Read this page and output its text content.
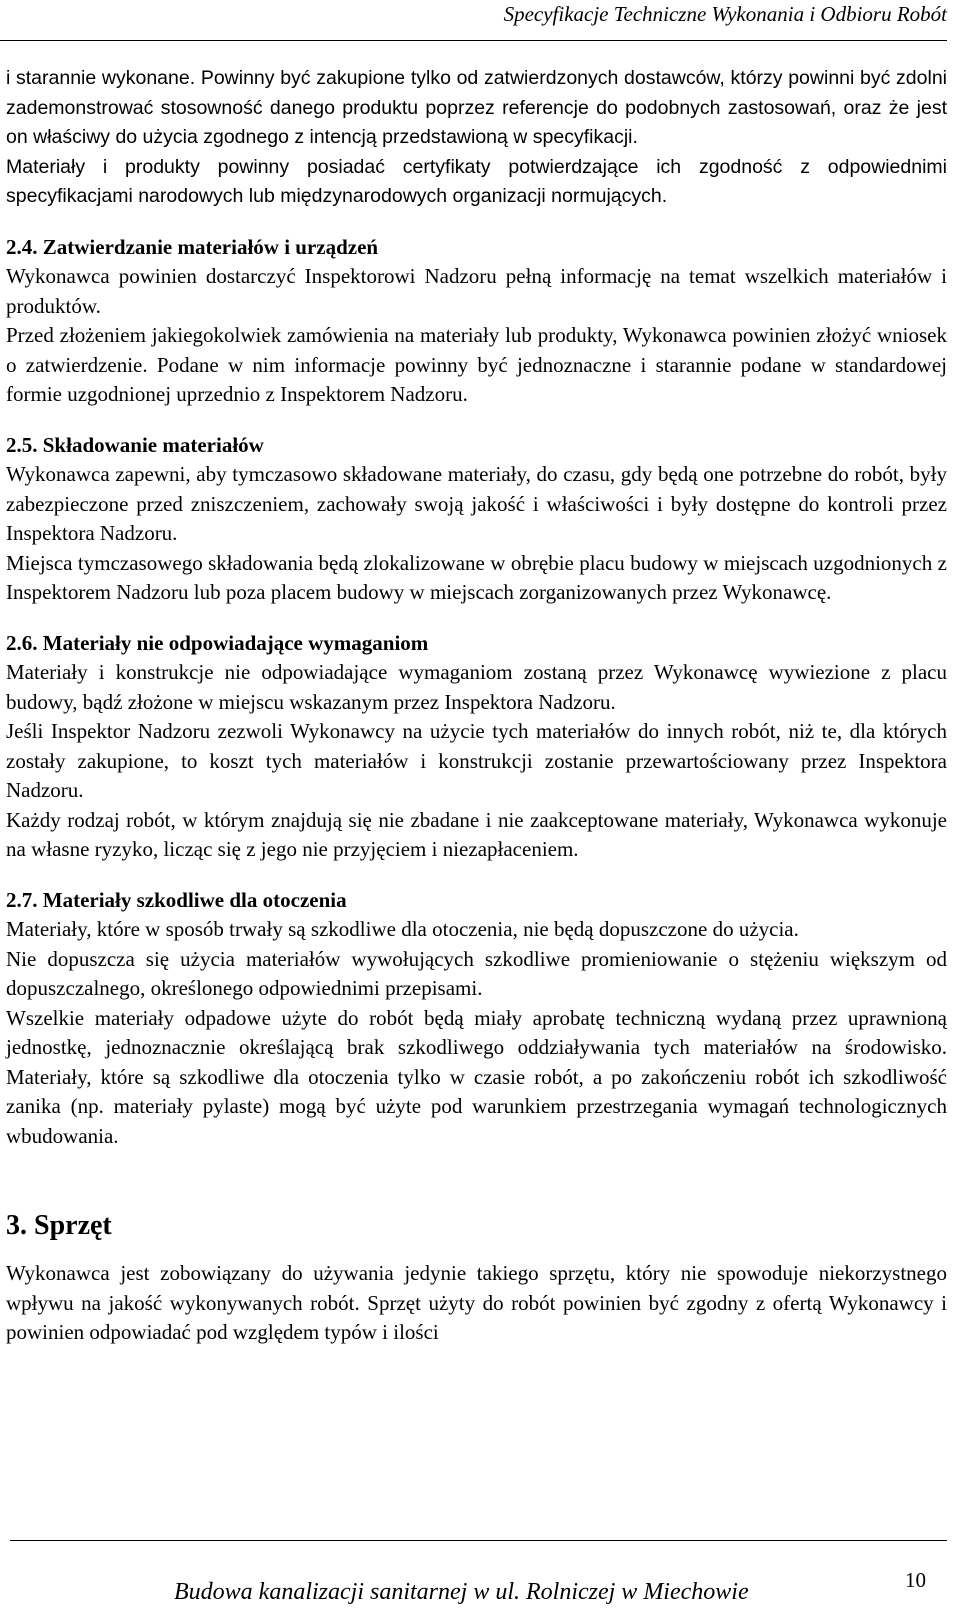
Specyfikacje Techniczne Wykonania i Odbioru Robót

i starannie wykonane. Powinny być zakupione tylko od zatwierdzonych dostawców, którzy powinni być zdolni zademonstrować stosowność danego produktu poprzez referencje do podobnych zastosowań, oraz że jest on właściwy do użycia zgodnego z intencją przedstawioną w specyfikacji.

Materiały i produkty powinny posiadać certyfikaty potwierdzające ich zgodność z odpowiednimi specyfikacjami narodowych lub międzynarodowych organizacji normujących.

2.4. Zatwierdzanie materiałów i urządzeń

Wykonawca powinien dostarczyć Inspektorowi Nadzoru pełną informację na temat wszelkich materiałów i produktów.

Przed złożeniem jakiegokolwiek zamówienia na materiały lub produkty, Wykonawca powinien złożyć wniosek o zatwierdzenie. Podane w nim informacje powinny być jednoznaczne i starannie podane w standardowej formie uzgodnionej uprzednio z Inspektorem Nadzoru.

2.5. Składowanie materiałów

Wykonawca zapewni, aby tymczasowo składowane materiały, do czasu, gdy będą one potrzebne do robót, były zabezpieczone przed zniszczeniem, zachowały swoją jakość i właściwości i były dostępne do kontroli przez Inspektora Nadzoru.

Miejsca tymczasowego składowania będą zlokalizowane w obrębie placu budowy w miejscach uzgodnionych z Inspektorem Nadzoru lub poza placem budowy w miejscach zorganizowanych przez Wykonawcę.

2.6. Materiały nie odpowiadające wymaganiom

Materiały i konstrukcje nie odpowiadające wymaganiom zostaną przez Wykonawcę wywiezione z placu budowy, bądź złożone w miejscu wskazanym przez Inspektora Nadzoru.

Jeśli Inspektor Nadzoru zezwoli Wykonawcy na użycie tych materiałów do innych robót, niż te, dla których zostały zakupione, to koszt tych materiałów i konstrukcji zostanie przewartościowany przez Inspektora Nadzoru.

Każdy rodzaj robót, w którym znajdują się nie zbadane i nie zaakceptowane materiały, Wykonawca wykonuje na własne ryzyko, licząc się z jego nie przyjęciem i niezapłaceniem.

2.7. Materiały szkodliwe dla otoczenia

Materiały, które w sposób trwały są szkodliwe dla otoczenia, nie będą dopuszczone do użycia.

Nie dopuszcza się użycia materiałów wywołujących szkodliwe promieniowanie o stężeniu większym od dopuszczalnego, określonego odpowiednimi przepisami.

Wszelkie materiały odpadowe użyte do robót będą miały aprobatę techniczną wydaną przez uprawnioną jednostkę, jednoznacznie określającą brak szkodliwego oddziaływania tych materiałów na środowisko. Materiały, które są szkodliwe dla otoczenia tylko w czasie robót, a po zakończeniu robót ich szkodliwość zanika (np. materiały pylaste) mogą być użyte pod warunkiem przestrzegania wymagań technologicznych wbudowania.

3. Sprzęt

Wykonawca jest zobowiązany do używania jedynie takiego sprzętu, który nie spowoduje niekorzystnego wpływu na jakość wykonywanych robót. Sprzęt użyty do robót powinien być zgodny z ofertą Wykonawcy i powinien odpowiadać pod względem typów i ilości

Budowa kanalizacji sanitarnej w ul. Rolniczej w Miechowie	10
